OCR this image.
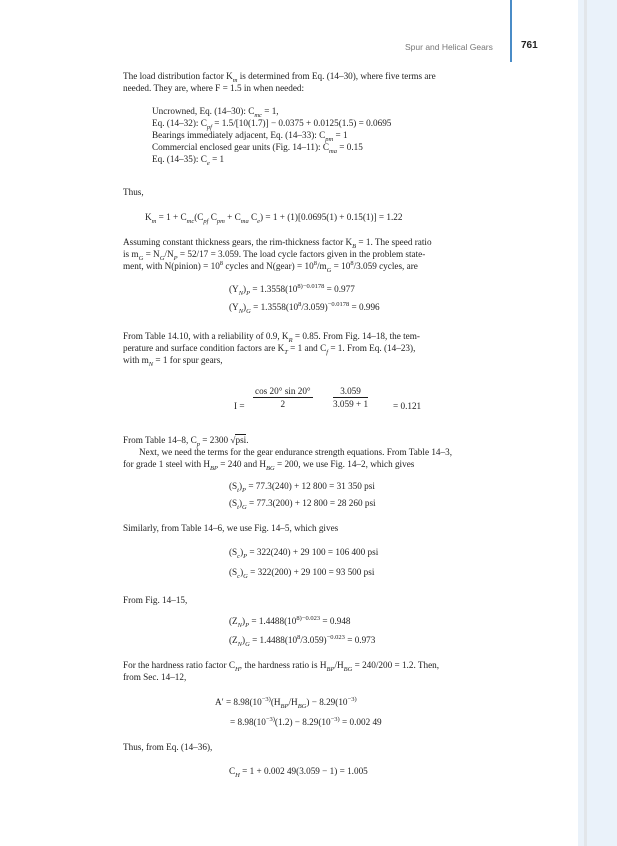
Spur and Helical Gears	761
The load distribution factor $K_m$ is determined from Eq. (14–30), where five terms are
needed. They are, where F = 1.5 in when needed:
Uncrowned, Eq. (14–30): $C_{mc} = 1$,
Eq. (14–32): $C_{pf} = 1.5/[10(1.7)] - 0.0375 + 0.0125(1.5) = 0.0695$
Bearings immediately adjacent, Eq. (14–33): $C_{pm} = 1$
Commercial enclosed gear units (Fig. 14–11): $C_{ma} = 0.15$
Eq. (14–35): $C_e = 1$
Thus,
$K_m = 1 + C_{mc}(C_{pf}$ $C_{pm} + C_{ma}$ $C_e) = 1 + (1)[0.0695(1) + 0.15(1)] = 1.22$
Assuming constant thickness gears, the rim-thickness factor $K_B = 1$. The speed ratio
is $m_G = N_G/N_P = 52/17 = 3.059$. The load cycle factors given in the problem state-
ment, with N(pinion) = $10^8$ cycles and N(gear) = $10^8/m_G = 10^8/3.059$ cycles, are
$(Y_N)_P = 1.3558(10^{8)-0.0178} = 0.977$
$(Y_N)_G = 1.3558(10^8/3.059)^{-0.0178} = 0.996$
From Table 14.10, with a reliability of 0.9, $K_R = 0.85$. From Fig. 14–18, the tem-
perature and surface condition factors are $K_T = 1$ and $C_f = 1$. From Eq. (14–23),
with $m_N = 1$ for spur gears,
$I = \frac{\cos 20^\circ \sin 20^\circ}{2} \frac{3.059}{3.059 + 1}$	= 0.121
From Table 14–8, $C_p = 2300$ √psi.
Next, we need the terms for the gear endurance strength equations. From Table 14–3,
for grade 1 steel with $H_{BP} = 240$ and $H_{BG} = 200$, we use Fig. 14–2, which gives
$(S_t)_P = 77.3(240) + 12$ 800 = 31 350 psi
$(S_t)_G = 77.3(200) + 12$ 800 = 28 260 psi
Similarly, from Table 14–6, we use Fig. 14–5, which gives
$(S_c)_P = 322(240) + 29$ 100 = 106 400 psi
$(S_c)_G = 322(200) + 29$ 100 = 93 500 psi
From Fig. 14–15,
$(Z_N)_P = 1.4488(10^{8)-0.023} = 0.948$
$(Z_N)_G = 1.4488(10^8/3.059)^{-0.023} = 0.973$
For the hardness ratio factor $C_H$, the hardness ratio is $H_{BP}/H_{BG} = 240/200 = 1.2$. Then,
from Sec. 14–12,
$A' = 8.98(10^{-3)}(H_{BP}/H_{BG}) - 8.29(10^{-3)}$
= $8.98(10^{-3)}(1.2) - 8.29(10^{-3)} = 0.002$ 49
Thus, from Eq. (14–36),
$C_H = 1 + 0.002$ 49(3.059 − 1) = 1.005
